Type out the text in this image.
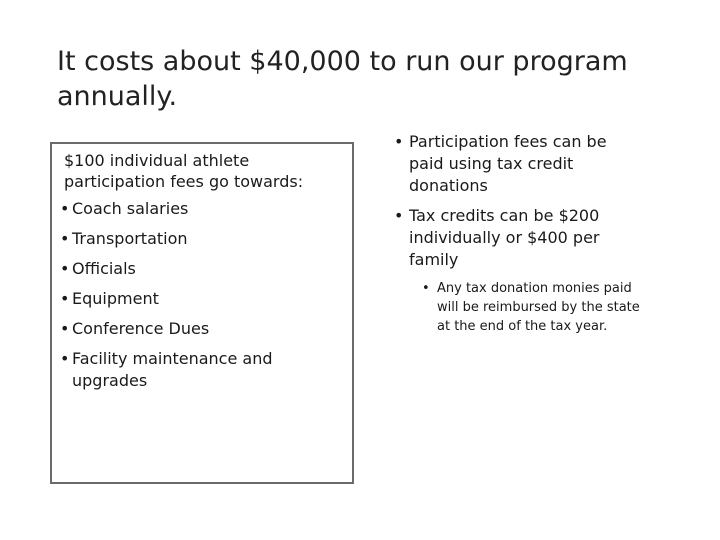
It costs about $40,000 to run our program annually.

$100 individual athlete participation fees go towards:

• Coach salaries
• Transportation
• Officials
• Equipment
• Conference Dues
• Facility maintenance and upgrades
• Participation fees can be paid using tax credit donations
• Tax credits can be $200 individually or $400 per family
• Any tax donation monies paid will be reimbursed by the state at the end of the tax year.
